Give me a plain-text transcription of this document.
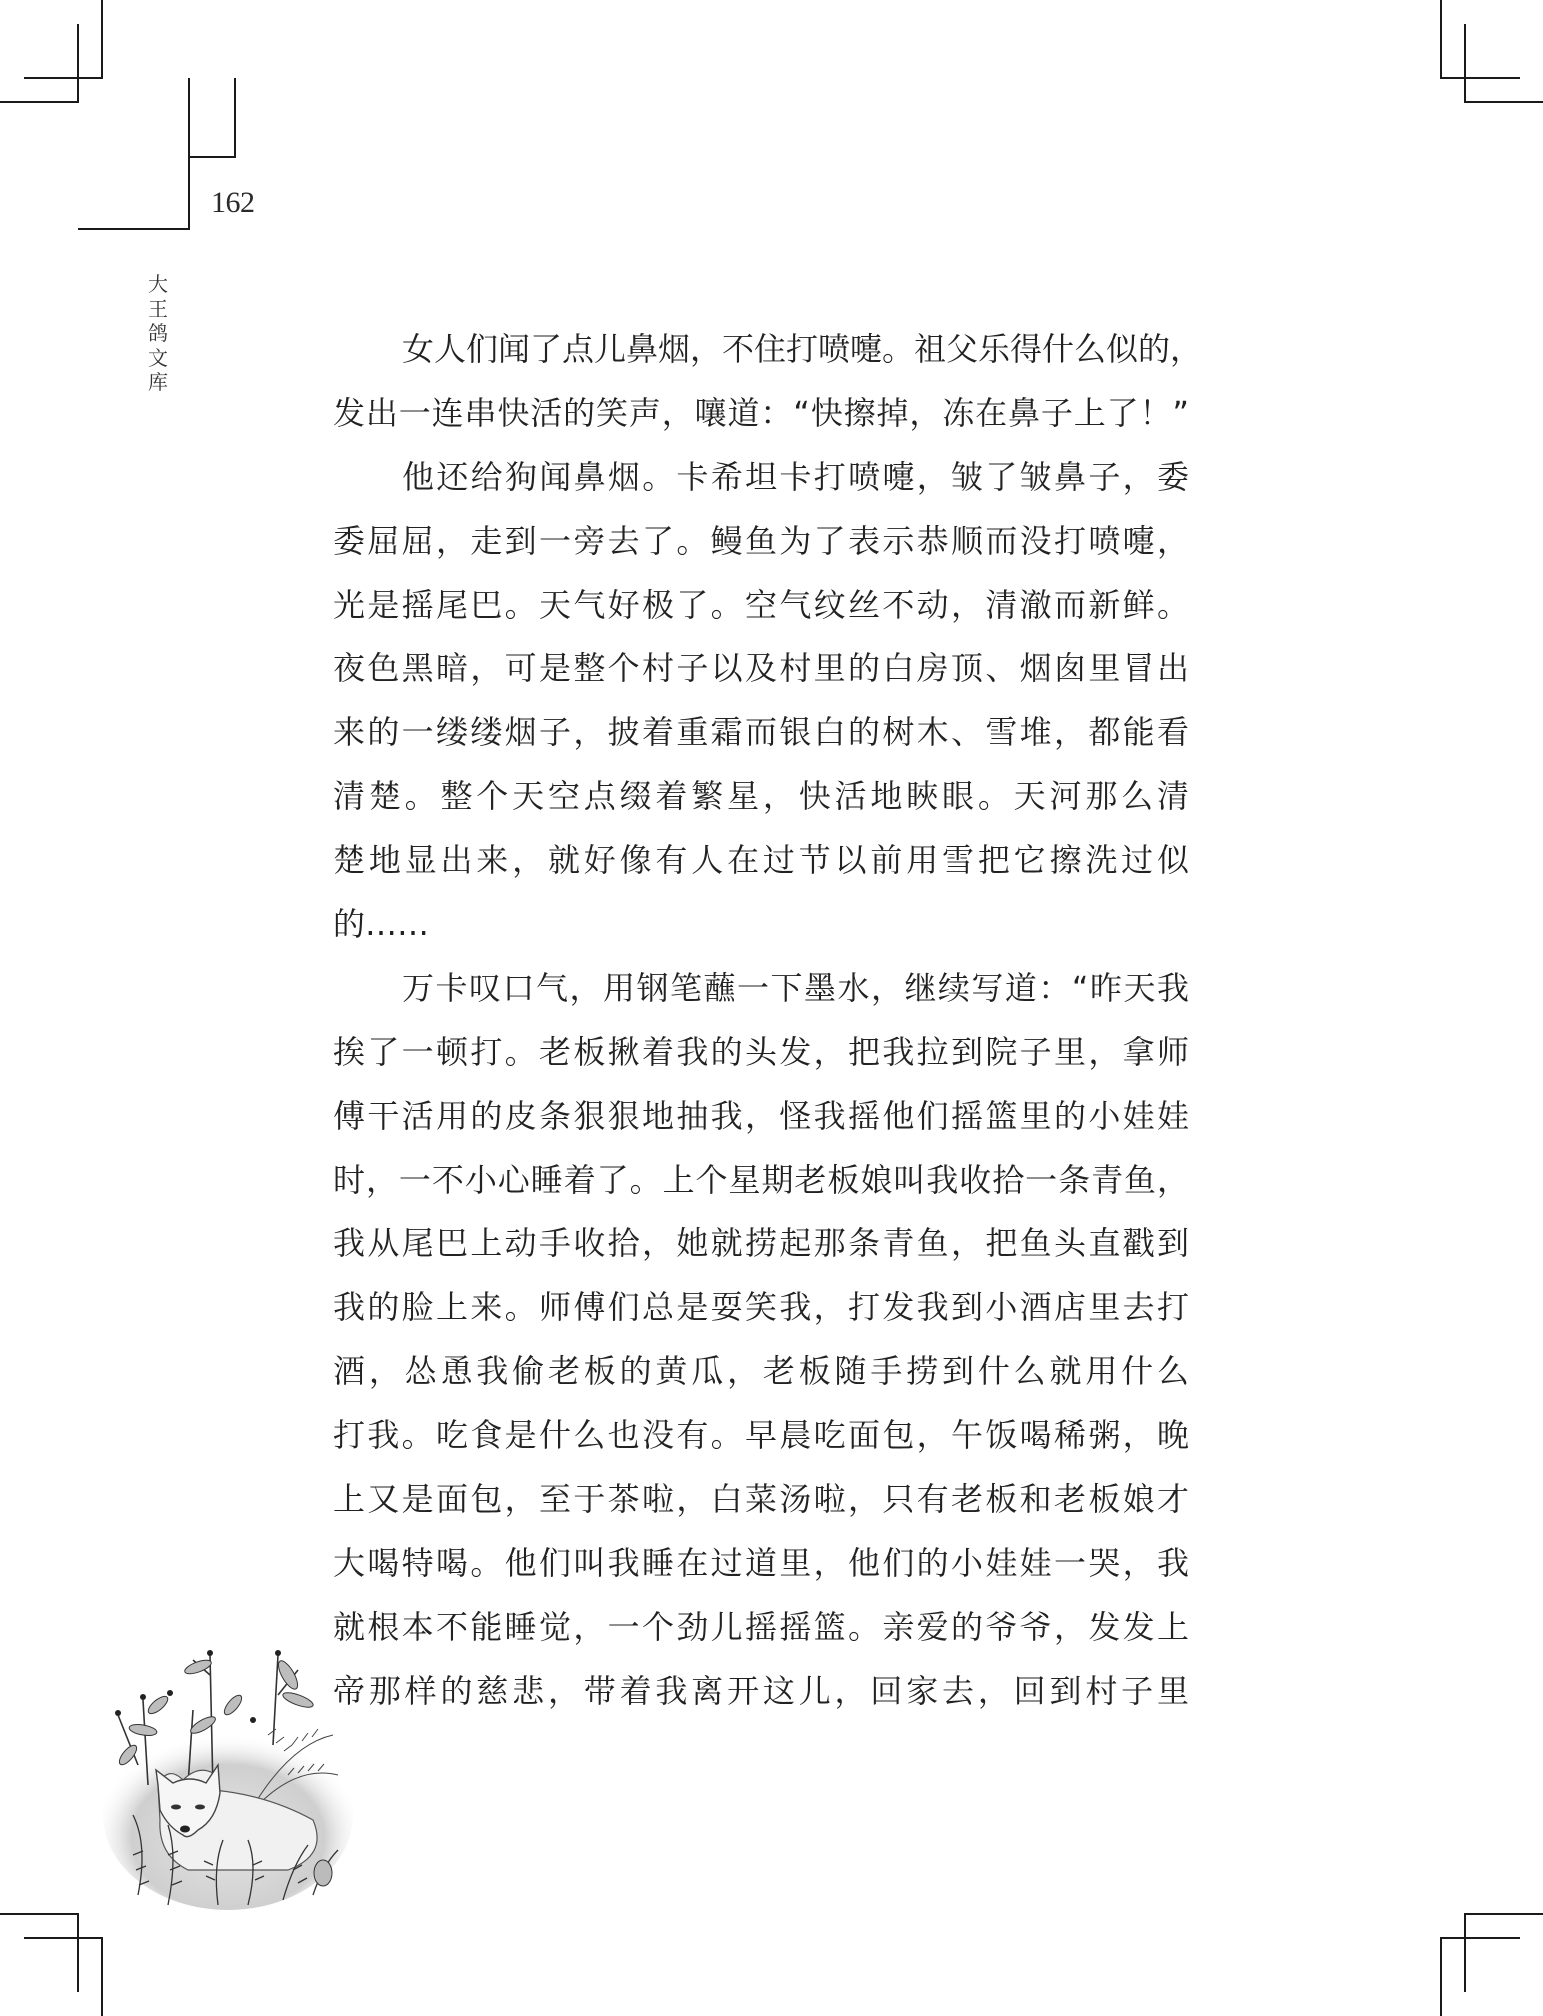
162
大
王
鸽
文
库
女人们闻了点儿鼻烟，不住打喷嚏。祖父乐得什么似的，
发出一连串快活的笑声，嚷道：“快擦掉，冻在鼻子上了！”
他还给狗闻鼻烟。卡希坦卡打喷嚏，皱了皱鼻子，委
委屈屈，走到一旁去了。鳗鱼为了表示恭顺而没打喷嚏，
光是摇尾巴。天气好极了。空气纹丝不动，清澈而新鲜。
夜色黑暗，可是整个村子以及村里的白房顶、烟囱里冒出
来的一缕缕烟子，披着重霜而银白的树木、雪堆，都能看
清楚。整个天空点缀着繁星，快活地䀹眼。天河那么清
楚地显出来，就好像有人在过节以前用雪把它擦洗过似
的……
万卡叹口气，用钢笔蘸一下墨水，继续写道：“昨天我
挨了一顿打。老板揪着我的头发，把我拉到院子里，拿师
傅干活用的皮条狠狠地抽我，怪我摇他们摇篮里的小娃娃
时，一不小心睡着了。上个星期老板娘叫我收拾一条青鱼，
我从尾巴上动手收拾，她就捞起那条青鱼，把鱼头直戳到
我的脸上来。师傅们总是耍笑我，打发我到小酒店里去打
酒，怂恿我偷老板的黄瓜，老板随手捞到什么就用什么
打我。吃食是什么也没有。早晨吃面包，午饭喝稀粥，晚
上又是面包，至于茶啦，白菜汤啦，只有老板和老板娘才
大喝特喝。他们叫我睡在过道里，他们的小娃娃一哭，我
就根本不能睡觉，一个劲儿摇摇篮。亲爱的爷爷，发发上
帝那样的慈悲，带着我离开这儿，回家去，回到村子里
